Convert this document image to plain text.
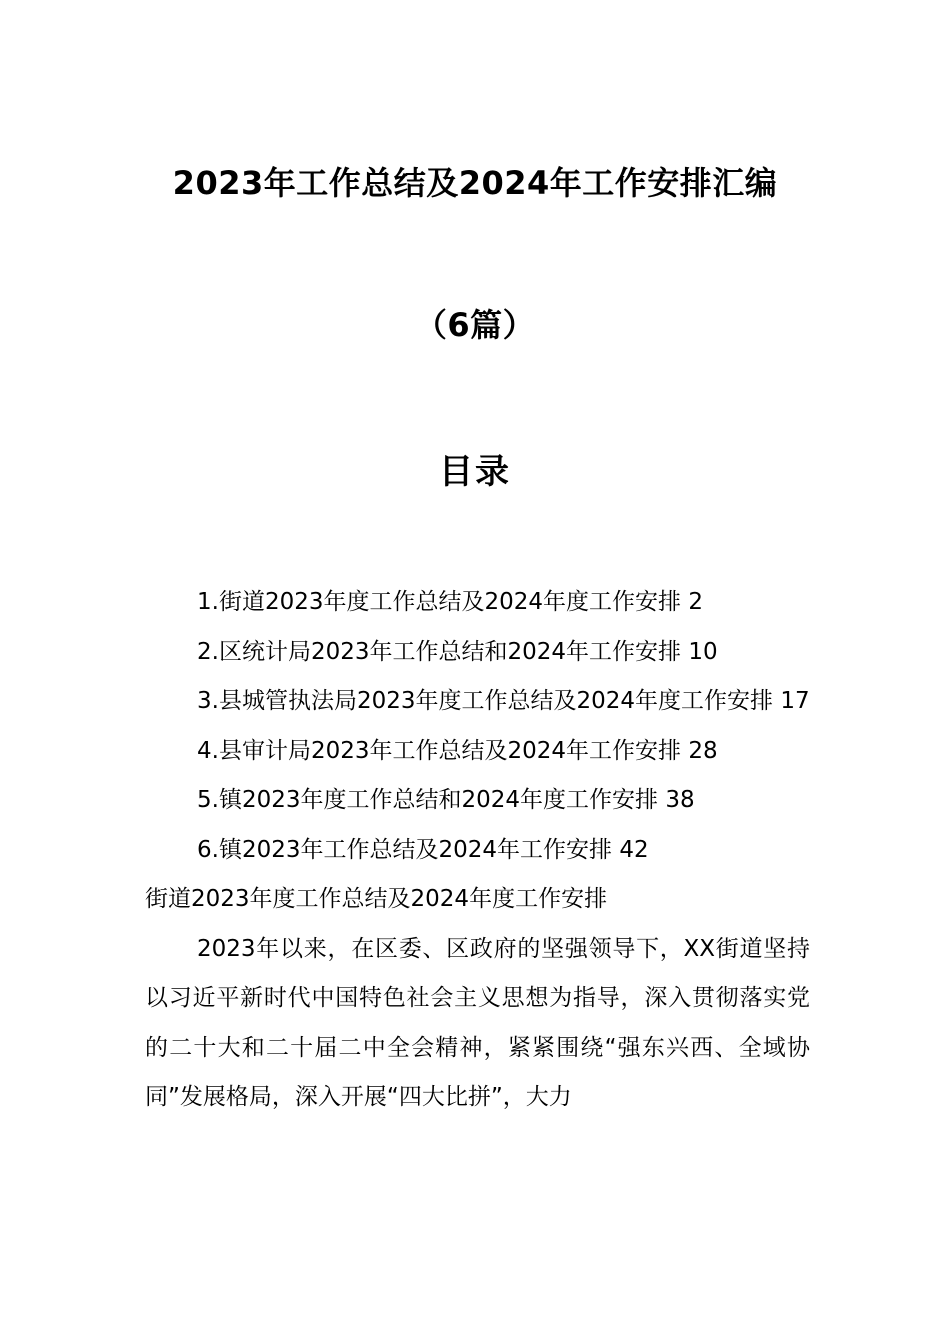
2023年工作总结及2024年工作安排汇编
（6篇）
目录
1.街道2023年度工作总结及2024年度工作安排 2
2.区统计局2023年工作总结和2024年工作安排 10
3.县城管执法局2023年度工作总结及2024年度工作安排 17
4.县审计局2023年工作总结及2024年工作安排 28
5.镇2023年度工作总结和2024年度工作安排 38
6.镇2023年工作总结及2024年工作安排 42
街道2023年度工作总结及2024年度工作安排
2023年以来，在区委、区政府的坚强领导下，XX街道坚持以习近平新时代中国特色社会主义思想为指导，深入贯彻落实党的二十大和二十届二中全会精神，紧紧围绕“强东兴西、全域协同”发展格局，深入开展“四大比拼”，大力
